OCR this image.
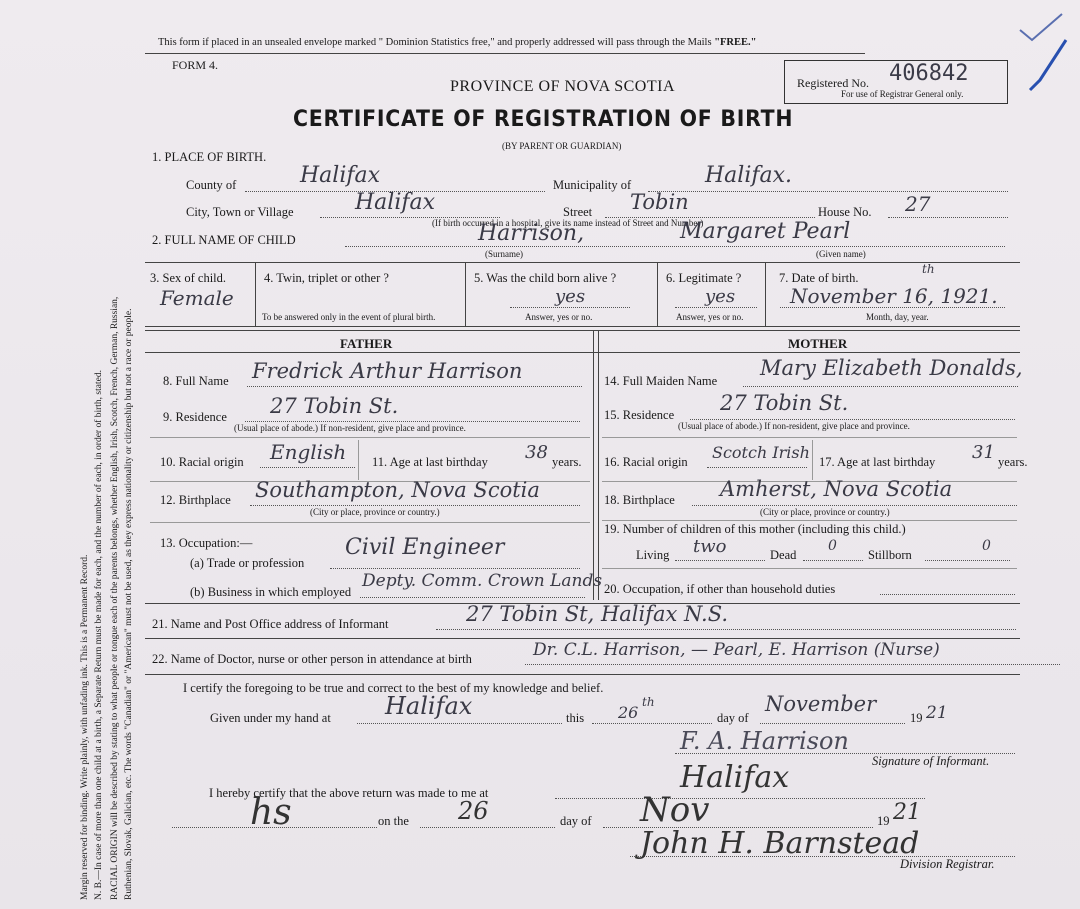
Margin reserved for binding. Write plainly, with unfading ink. This is a Permanent Record. N. B.—In case of more than one child at a birth, a Separate Return must be made for each, and the number of each, in order of birth, stated. RACIAL ORIGIN will be described by stating to what people or tongue each of the parents belongs, whether English, Irish, Scotch, French, German, Russian, Ruthenian, Slovak, Galician, etc. The words "Canadian" or "American" must not be used, as they express nationality or citizenship but not a race or people.
This form if placed in an unsealed envelope marked " Dominion Statistics free," and properly addressed will pass through the Mails "FREE."
FORM 4.
PROVINCE OF NOVA SCOTIA
CERTIFICATE OF REGISTRATION OF BIRTH
(BY PARENT OR GUARDIAN)
Registered No. 406842
For use of Registrar General only.
1. PLACE OF BIRTH.
County of	Halifax	Municipality of	Halifax.
City, Town or Village	Halifax	Street Tobin	House No. 27
(If birth occurred in a hospital, give its name instead of Street and Number)
2. FULL NAME OF CHILD	Harrison,	Margaret Pearl
(Surname)	(Given name)
3. Sex of child.
Female
4. Twin, triplet or other ?
To be answered only in the event of plural birth.
5. Was the child born alive ?
yes
Answer, yes or no.
6. Legitimate ?
yes
Answer, yes or no.
7. Date of birth.
th
November 16, 1921.
Month, day, year.
FATHER	MOTHER
8. Full Name Fredrick Arthur Harrison
9. Residence 27 Tobin St.
(Usual place of abode.) If non-resident, give place and province.
10. Racial origin English 11. Age at last birthday 38 years.
12. Birthplace Southampton, Nova Scotia
(City or place, province or country.)
13. Occupation:—
(a) Trade or profession
Civil Engineer
(b) Business in which employed
Depty. Comm. Crown Lands
14. Full Maiden Name
Mary Elizabeth Donalds,
15. Residence 27 Tobin St.
(Usual place of abode.) If non-resident, give place and province.
16. Racial origin Scotch Irish 17. Age at last birthday 31 years.
18. Birthplace Amherst, Nova Scotia
(City or place, province or country.)
19. Number of children of this mother (including this child.)
Living two	Dead
0
Stillborn
0
20. Occupation, if other than household duties
21. Name and Post Office address of Informant	27 Tobin St, Halifax N.S.
22. Name of Doctor, nurse or other person in attendance at birth	Dr. C.L. Harrison, — Pearl, E. Harrison (Nurse)
I certify the foregoing to be true and correct to the best of my knowledge and belief.
Given under my hand at Halifax	this 26
th
day of
November
19 21
F. A. Harrison
Signature of Informant.
I hereby certify that the above return was made to me at	Halifax
hs	on the 26	day of Nov	19 21
John H. Barnstead
Division Registrar.
